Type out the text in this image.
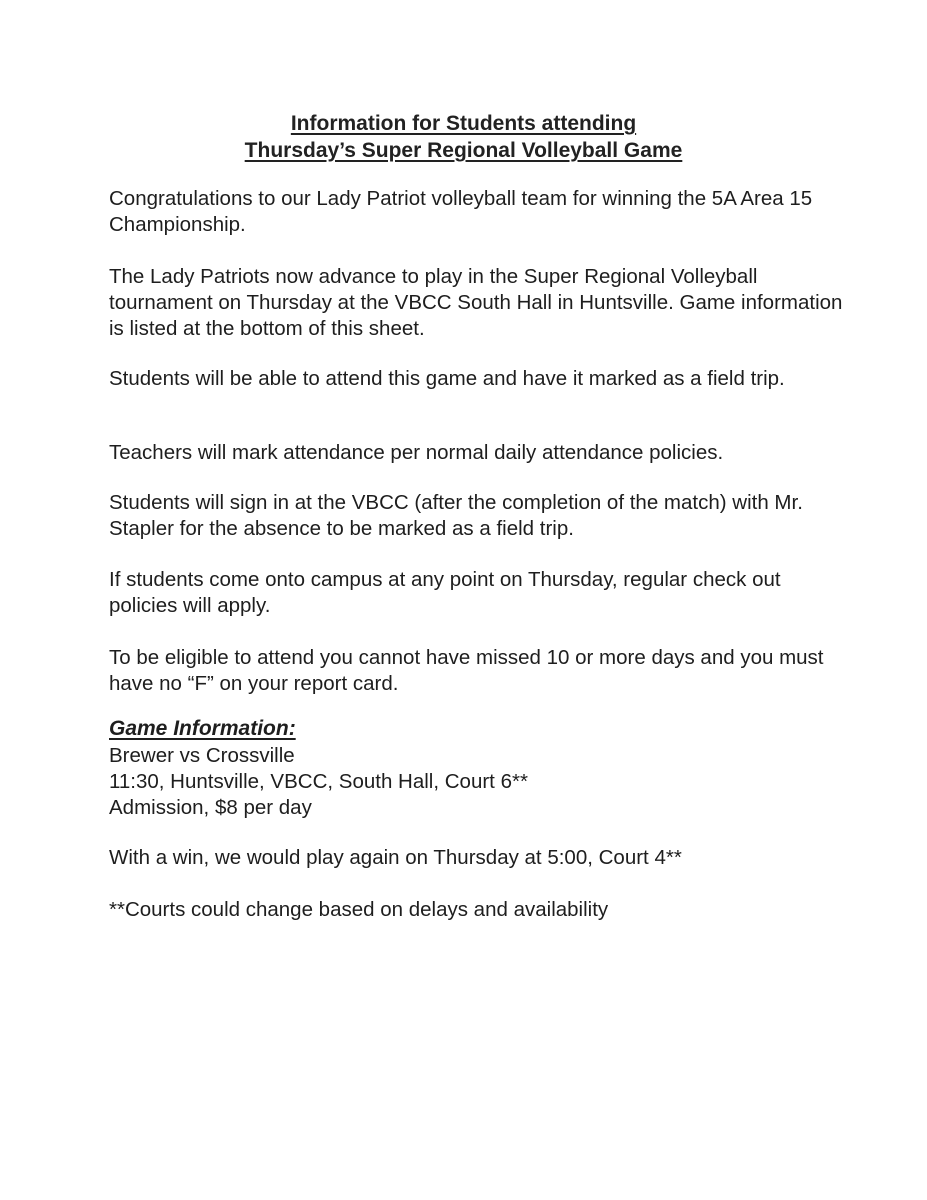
Information for Students attending
Thursday’s Super Regional Volleyball Game

Congratulations to our Lady Patriot volleyball team for winning the 5A Area 15 Championship.

The Lady Patriots now advance to play in the Super Regional Volleyball tournament on Thursday at the VBCC South Hall in Huntsville. Game information is listed at the bottom of this sheet.

Students will be able to attend this game and have it marked as a field trip.

Teachers will mark attendance per normal daily attendance policies.

Students will sign in at the VBCC (after the completion of the match) with Mr. Stapler for the absence to be marked as a field trip.

If students come onto campus at any point on Thursday, regular check out policies will apply.

To be eligible to attend you cannot have missed 10 or more days and you must have no “F” on your report card.

Game Information:

Brewer vs Crossville
11:30, Huntsville, VBCC, South Hall, Court 6**
Admission, $8 per day

With a win, we would play again on Thursday at 5:00, Court 4**

**Courts could change based on delays and availability
